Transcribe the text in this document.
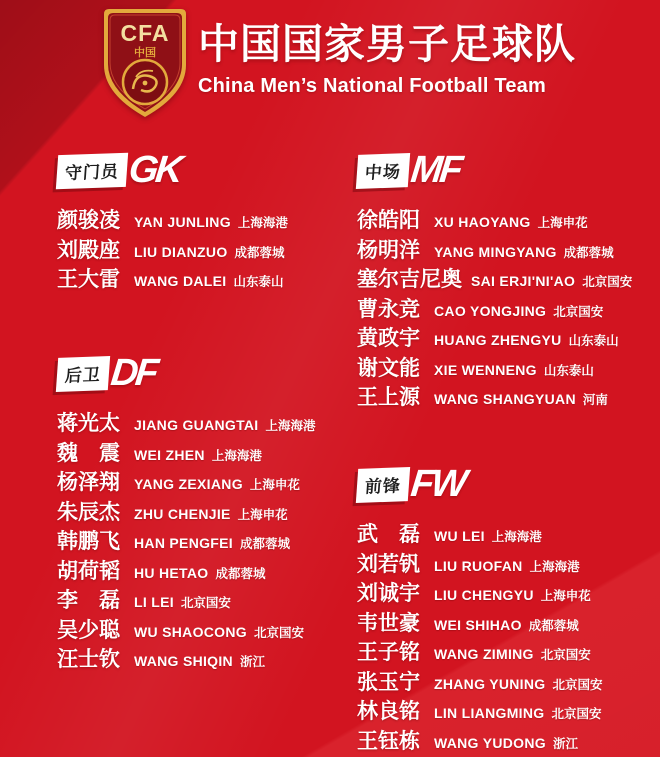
CFA
中国 中国国家男子足球队
China Men’s National Football Team
守门员 GK
颜骏凌	YAN JUNLING 上海海港
刘殿座	LIU DIANZUO 成都蓉城
王大雷	WANG DALEI 山东泰山
中场 MF
徐皓阳	XU HAOYANG 上海申花
杨明洋	YANG MINGYANG 成都蓉城
塞尔吉尼奥 SAI ERJI'NI'AO 北京国安
曹永竞	CAO YONGJING 北京国安
黄政宇	HUANG ZHENGYU 山东泰山
谢文能	XIE WENNENG 山东泰山
王上源	WANG SHANGYUAN 河南
后卫 DF
蒋光太	JIANG GUANGTAI 上海海港
魏　震	WEI ZHEN 上海海港
杨泽翔	YANG ZEXIANG 上海申花
朱辰杰	ZHU CHENJIE 上海申花
韩鹏飞	HAN PENGFEI 成都蓉城
胡荷韬	HU HETAO 成都蓉城
李　磊	LI LEI 北京国安
吴少聪	WU SHAOCONG 北京国安
汪士钦	WANG SHIQIN 浙江
前锋 FW
武　磊	WU LEI 上海海港
刘若钒	LIU RUOFAN 上海海港
刘诚宇	LIU CHENGYU 上海申花
韦世豪	WEI SHIHAO 成都蓉城
王子铭	WANG ZIMING 北京国安
张玉宁	ZHANG YUNING 北京国安
林良铭	LIN LIANGMING 北京国安
王钰栋	WANG YUDONG 浙江
